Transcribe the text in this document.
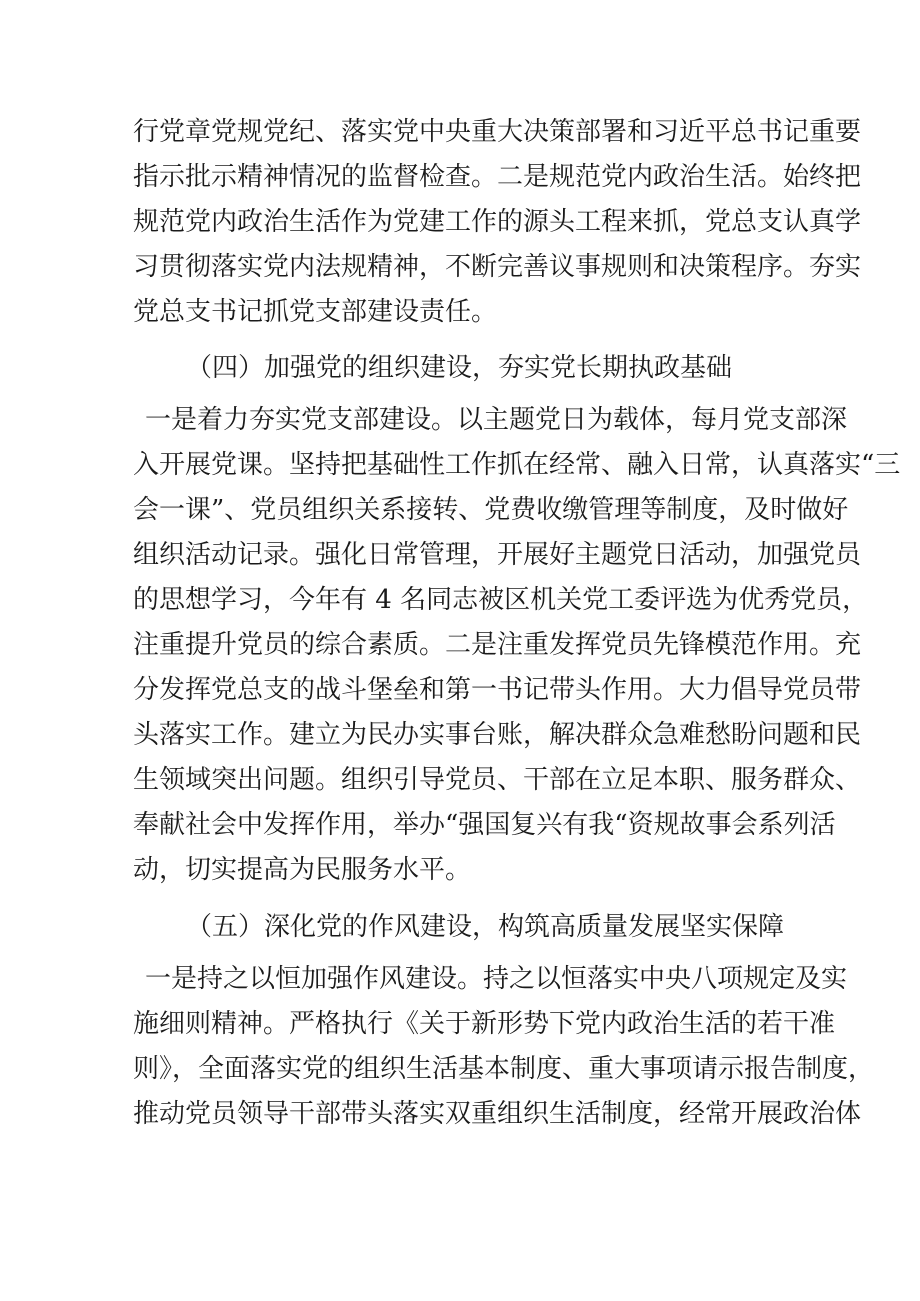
行党章党规党纪、落实党中央重大决策部署和习近平总书记重要
指示批示精神情况的监督检查。二是规范党内政治生活。始终把
规范党内政治生活作为党建工作的源头工程来抓，党总支认真学
习贯彻落实党内法规精神，不断完善议事规则和决策程序。夯实
党总支书记抓党支部建设责任。
（四）加强党的组织建设，夯实党长期执政基础
一是着力夯实党支部建设。以主题党日为载体，每月党支部深
入开展党课。坚持把基础性工作抓在经常、融入日常，认真落实“三
会一课”、党员组织关系接转、党费收缴管理等制度，及时做好
组织活动记录。强化日常管理，开展好主题党日活动，加强党员
的思想学习，今年有 4 名同志被区机关党工委评选为优秀党员，
注重提升党员的综合素质。二是注重发挥党员先锋模范作用。充
分发挥党总支的战斗堡垒和第一书记带头作用。大力倡导党员带
头落实工作。建立为民办实事台账，解决群众急难愁盼问题和民
生领域突出问题。组织引导党员、干部在立足本职、服务群众、
奉献社会中发挥作用，举办“强国复兴有我“资规故事会系列活
动，切实提高为民服务水平。
（五）深化党的作风建设，构筑高质量发展坚实保障
一是持之以恒加强作风建设。持之以恒落实中央八项规定及实
施细则精神。严格执行《关于新形势下党内政治生活的若干准
则》，全面落实党的组织生活基本制度、重大事项请示报告制度，
推动党员领导干部带头落实双重组织生活制度，经常开展政治体
